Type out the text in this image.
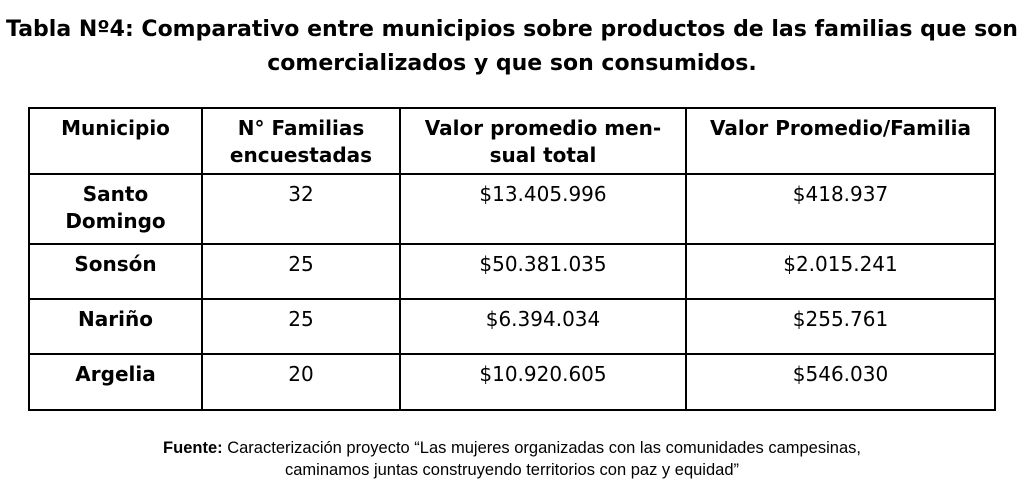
Tabla Nº4: Comparativo entre municipios sobre productos de las familias que son
comercializados y que son consumidos.
Municipio	N° Familias encuestadas	Valor promedio men-sual total	Valor Promedio/Familia
Santo Domingo	32	$13.405.996	$418.937
Sonsón	25	$50.381.035	$2.015.241
Nariño	25	$6.394.034	$255.761
Argelia	20	$10.920.605	$546.030
Fuente: Caracterización proyecto “Las mujeres organizadas con las comunidades campesinas,
caminamos juntas construyendo territorios con paz y equidad”
